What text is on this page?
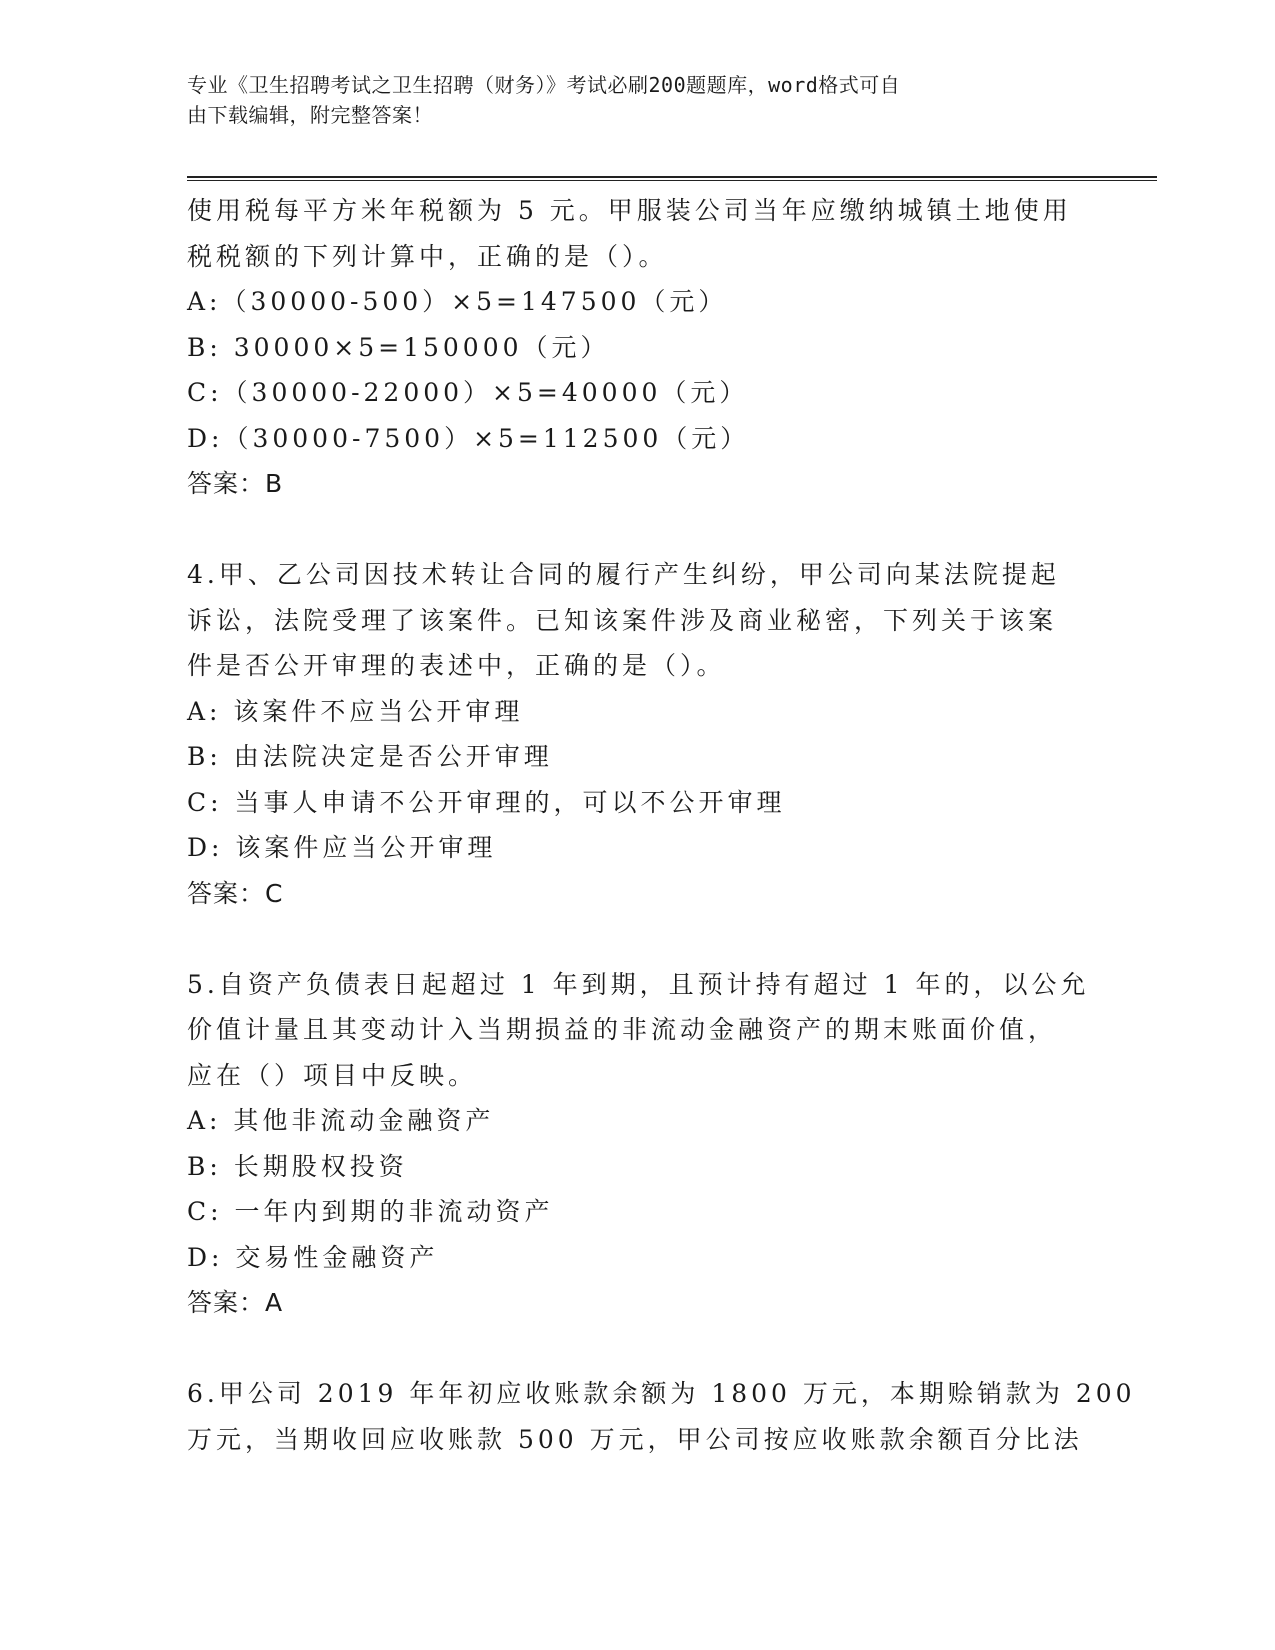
专业《卫生招聘考试之卫生招聘（财务）》考试必刷200题题库，word格式可自
由下载编辑，附完整答案！
使用税每平方米年税额为 5 元。甲服装公司当年应缴纳城镇土地使用
税税额的下列计算中，正确的是（）。
A:（30000-500）×5=147500（元）
B: 30000×5=150000（元）
C:（30000-22000）×5=40000（元）
D:（30000-7500）×5=112500（元）
答案：B
4.甲、乙公司因技术转让合同的履行产生纠纷，甲公司向某法院提起
诉讼，法院受理了该案件。已知该案件涉及商业秘密，下列关于该案
件是否公开审理的表述中，正确的是（）。
A: 该案件不应当公开审理
B: 由法院决定是否公开审理
C: 当事人申请不公开审理的，可以不公开审理
D: 该案件应当公开审理
答案：C
5.自资产负债表日起超过 1 年到期，且预计持有超过 1 年的，以公允
价值计量且其变动计入当期损益的非流动金融资产的期末账面价值，
应在（）项目中反映。
A: 其他非流动金融资产
B: 长期股权投资
C: 一年内到期的非流动资产
D: 交易性金融资产
答案：A
6.甲公司 2019 年年初应收账款余额为 1800 万元，本期赊销款为 200
万元，当期收回应收账款 500 万元，甲公司按应收账款余额百分比法
